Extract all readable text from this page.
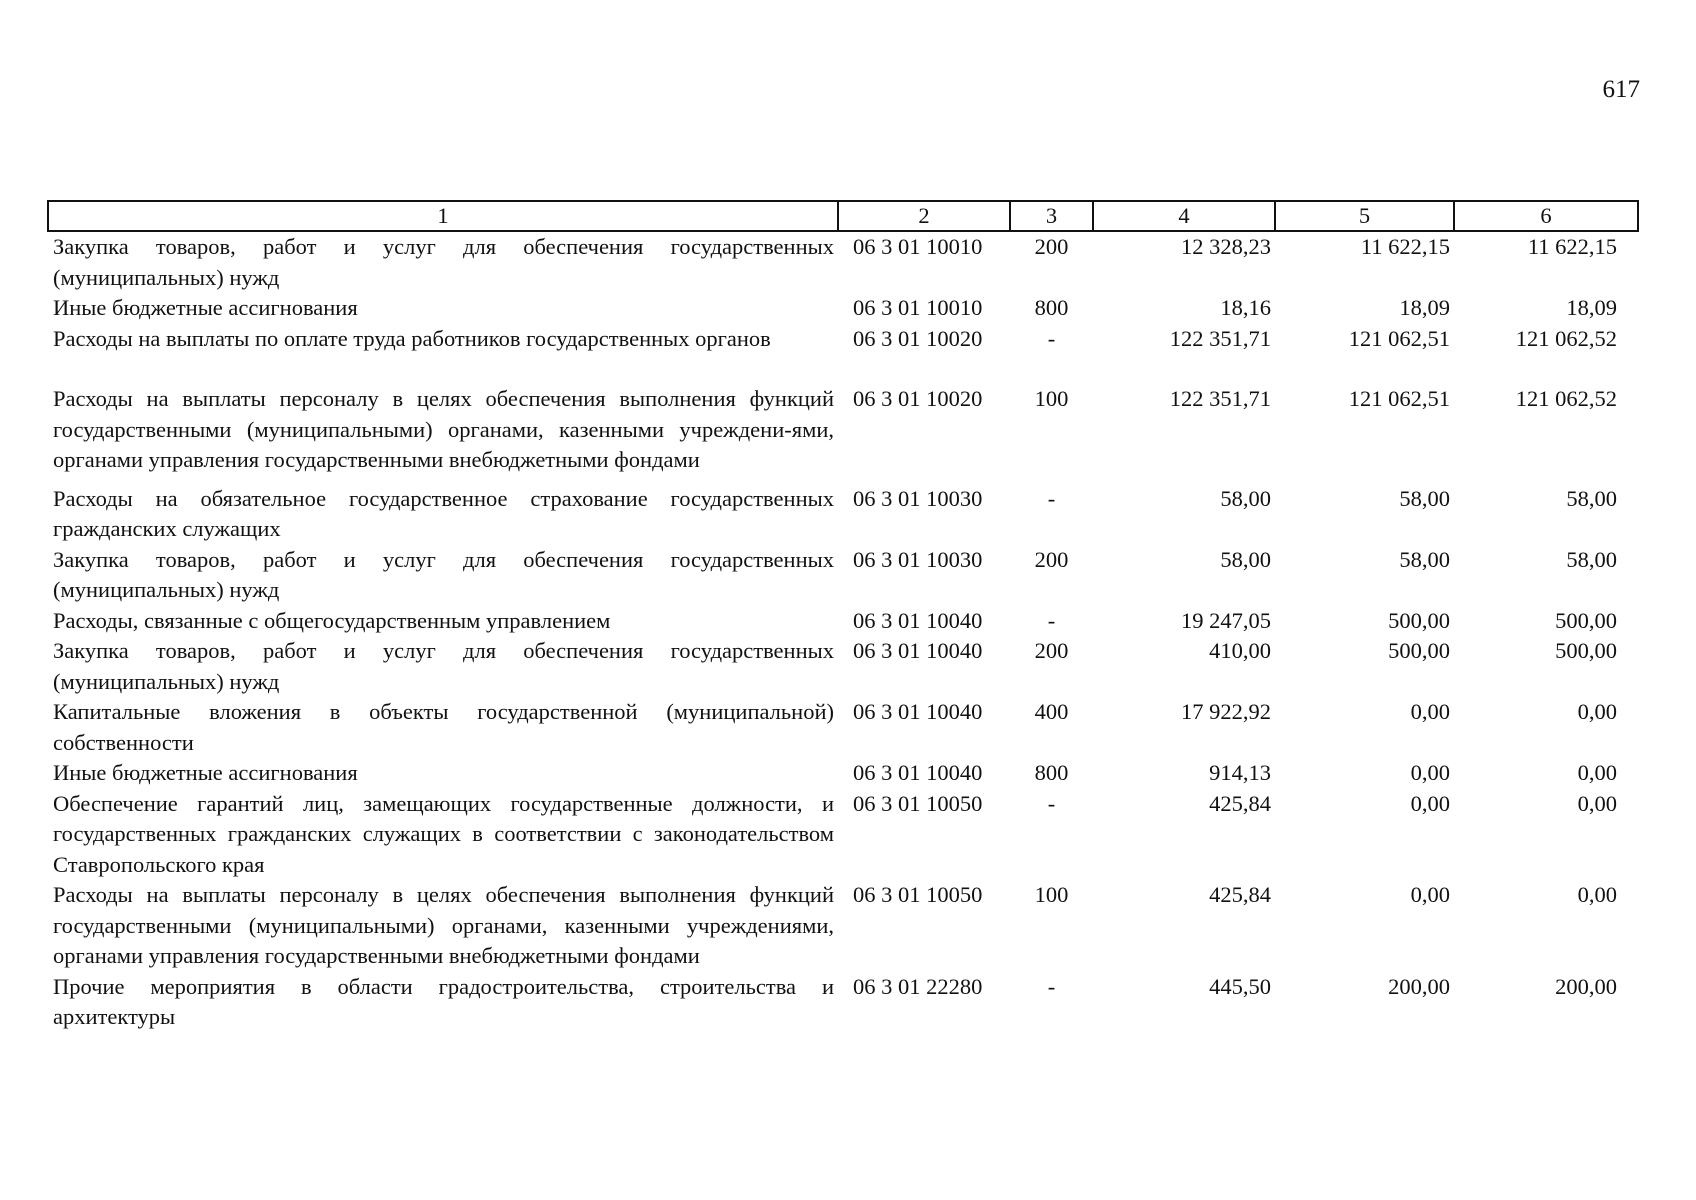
617
1	2	3	4	5	6
Закупка товаров, работ и услуг для обеспечения государственных (муниципальных) нужд	06 3 01 10010	200	12 328,23	11 622,15	11 622,15
Иные бюджетные ассигнования	06 3 01 10010	800	18,16	18,09	18,09
Расходы на выплаты по оплате труда работников государственных органов	06 3 01 10020	-	122 351,71	121 062,51	121 062,52
Расходы на выплаты персоналу в целях обеспечения выполнения функций государственными (муниципальными) органами, казенными учреждени-ями, органами управления государственными внебюджетными фондами	06 3 01 10020	100	122 351,71	121 062,51	121 062,52
Расходы на обязательное государственное страхование государственных гражданских служащих	06 3 01 10030	-	58,00	58,00	58,00
Закупка товаров, работ и услуг для обеспечения государственных (муниципальных) нужд	06 3 01 10030	200	58,00	58,00	58,00
Расходы, связанные с общегосударственным управлением	06 3 01 10040	-	19 247,05	500,00	500,00
Закупка товаров, работ и услуг для обеспечения государственных (муниципальных) нужд	06 3 01 10040	200	410,00	500,00	500,00
Капитальные вложения в объекты государственной (муниципальной) собственности	06 3 01 10040	400	17 922,92	0,00	0,00
Иные бюджетные ассигнования	06 3 01 10040	800	914,13	0,00	0,00
Обеспечение гарантий лиц, замещающих государственные должности, и государственных гражданских служащих в соответствии с законодательством Ставропольского края	06 3 01 10050	-	425,84	0,00	0,00
Расходы на выплаты персоналу в целях обеспечения выполнения функций государственными (муниципальными) органами, казенными учреждениями, органами управления государственными внебюджетными фондами	06 3 01 10050	100	425,84	0,00	0,00
Прочие мероприятия в области градостроительства, строительства и архитектуры	06 3 01 22280	-	445,50	200,00	200,00
